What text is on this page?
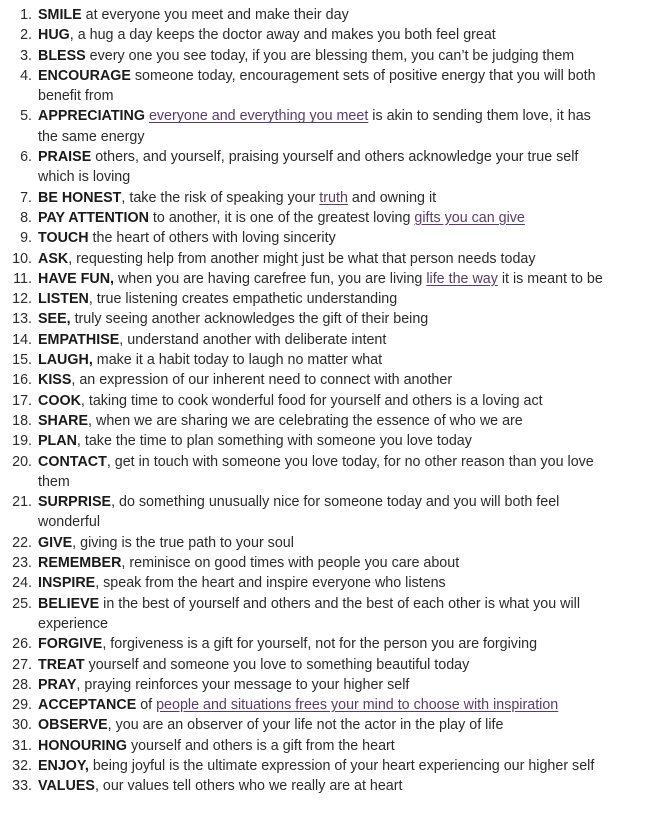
1. SMILE at everyone you meet and make their day
2. HUG, a hug a day keeps the doctor away and makes you both feel great
3. BLESS every one you see today, if you are blessing them, you can’t be judging them
4. ENCOURAGE someone today, encouragement sets of positive energy that you will both benefit from
5. APPRECIATING everyone and everything you meet is akin to sending them love, it has the same energy
6. PRAISE others, and yourself, praising yourself and others acknowledge your true self which is loving
7. BE HONEST, take the risk of speaking your truth and owning it
8. PAY ATTENTION to another, it is one of the greatest loving gifts you can give
9. TOUCH the heart of others with loving sincerity
10. ASK, requesting help from another might just be what that person needs today
11. HAVE FUN, when you are having carefree fun, you are living life the way it is meant to be
12. LISTEN, true listening creates empathetic understanding
13. SEE, truly seeing another acknowledges the gift of their being
14. EMPATHISE, understand another with deliberate intent
15. LAUGH, make it a habit today to laugh no matter what
16. KISS, an expression of our inherent need to connect with another
17. COOK, taking time to cook wonderful food for yourself and others is a loving act
18. SHARE, when we are sharing we are celebrating the essence of who we are
19. PLAN, take the time to plan something with someone you love today
20. CONTACT, get in touch with someone you love today, for no other reason than you love them
21. SURPRISE, do something unusually nice for someone today and you will both feel wonderful
22. GIVE, giving is the true path to your soul
23. REMEMBER, reminisce on good times with people you care about
24. INSPIRE, speak from the heart and inspire everyone who listens
25. BELIEVE in the best of yourself and others and the best of each other is what you will experience
26. FORGIVE, forgiveness is a gift for yourself, not for the person you are forgiving
27. TREAT yourself and someone you love to something beautiful today
28. PRAY, praying reinforces your message to your higher self
29. ACCEPTANCE of people and situations frees your mind to choose with inspiration
30. OBSERVE, you are an observer of your life not the actor in the play of life
31. HONOURING yourself and others is a gift from the heart
32. ENJOY, being joyful is the ultimate expression of your heart experiencing our higher self
33. VALUES, our values tell others who we really are at heart
